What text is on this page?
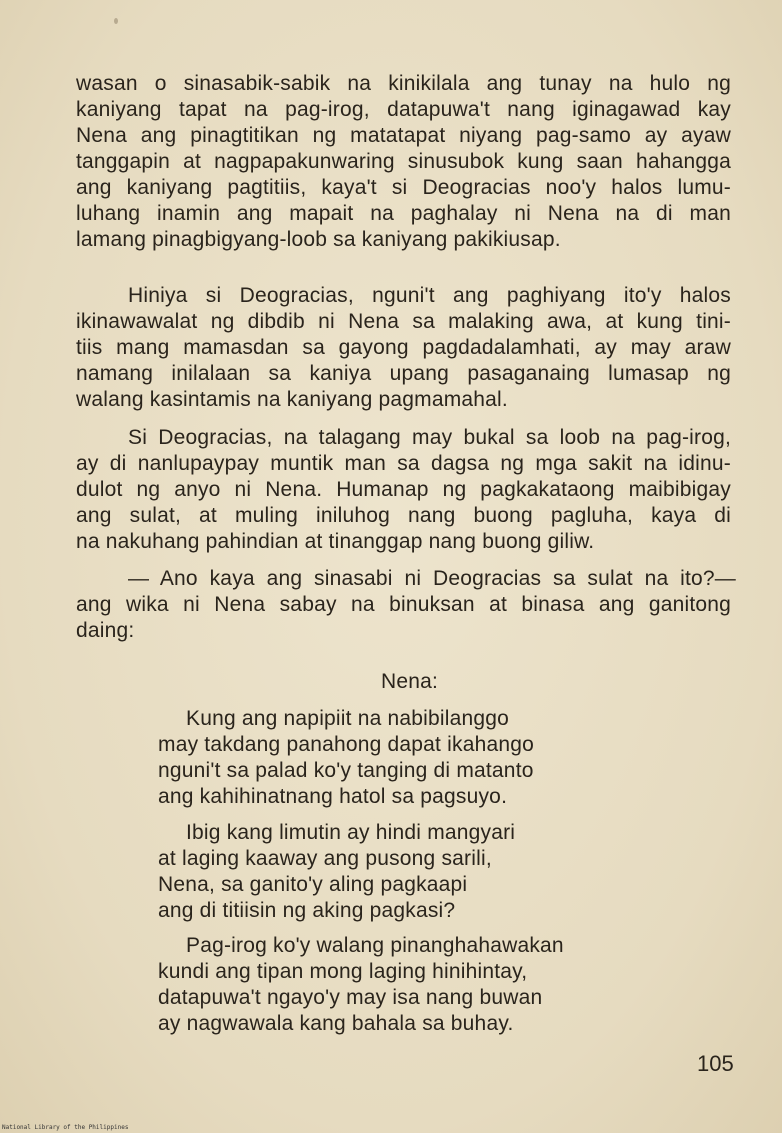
wasan o sinasabik-sabik na kinikilala ang tunay na hulo ng
kaniyang tapat na pag-irog, datapuwa't nang iginagawad kay
Nena ang pinagtitikan ng matatapat niyang pag-samo ay ayaw
tanggapin at nagpapakunwaring sinusubok kung saan hahangga
ang kaniyang pagtitiis, kaya't si Deogracias noo'y halos lumu-
luhang inamin ang mapait na paghalay ni Nena na di man
lamang pinagbigyang-loob sa kaniyang pakikiusap.
Hiniya si Deogracias, nguni't ang paghiyang ito'y halos
ikinawawalat ng dibdib ni Nena sa malaking awa, at kung tini-
tiis mang mamasdan sa gayong pagdadalamhati, ay may araw
namang inilalaan sa kaniya upang pasaganaing lumasap ng
walang kasintamis na kaniyang pagmamahal.
Si Deogracias, na talagang may bukal sa loob na pag-irog,
ay di nanlupaypay muntik man sa dagsa ng mga sakit na idinu-
dulot ng anyo ni Nena. Humanap ng pagkakataong maibibigay
ang sulat, at muling iniluhog nang buong pagluha, kaya di
na nakuhang pahindian at tinanggap nang buong giliw.
— Ano kaya ang sinasabi ni Deogracias sa sulat na ito?—
ang wika ni Nena sabay na binuksan at binasa ang ganitong
daing:
Nena:
Kung ang napipiit na nabibilanggo
may takdang panahong dapat ikahango
nguni't sa palad ko'y tanging di matanto
ang kahihinatnang hatol sa pagsuyo.
Ibig kang limutin ay hindi mangyari
at laging kaaway ang pusong sarili,
Nena, sa ganito'y aling pagkaapi
ang di titiisin ng aking pagkasi?
Pag-irog ko'y walang pinanghahawakan
kundi ang tipan mong laging hinihintay,
datapuwa't ngayo'y may isa nang buwan
ay nagwawala kang bahala sa buhay.
105
National Library of the Philippines
